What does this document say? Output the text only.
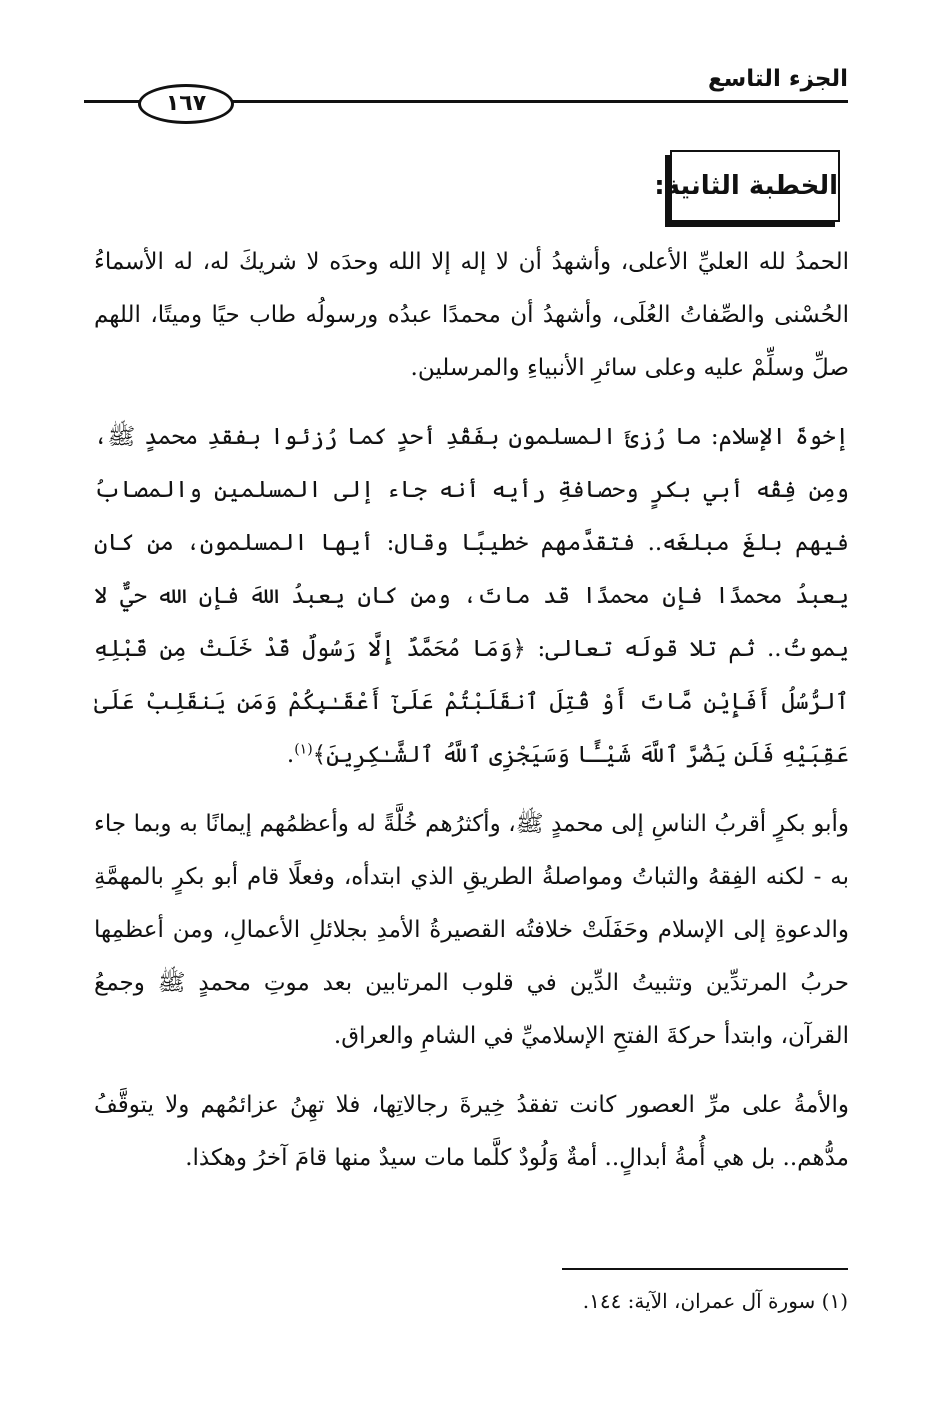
الجزء التاسع
١٦٧
الخطبة الثانية:

الحمدُ لله العليِّ الأعلى، وأشهدُ أن لا إله إلا الله وحدَه لا شريكَ له، له الأسماءُ الحُسْنى والصِّفاتُ العُلَى، وأشهدُ أن محمدًا عبدُه ورسولُه طاب حيًا وميتًا، اللهم صلِّ وسلِّمْ عليه وعلى سائرِ الأنبياءِ والمرسلين.

إخوةَ الإسلام: ما رُزئَ المسلمون بفَقْدِ أحدٍ كما رُزئوا بفقدِ محمدٍ ﷺ، ومِن فِقْه أبي بكرٍ وحصافةِ رأيه أنه جاء إلى المسلمين والمصابُ فيهم بلغَ مبلغَه.. فتقدَّمهم خطيبًا وقال: أيها المسلمون، من كان يعبدُ محمدًا فإن محمدًا قد ماتَ، ومن كان يعبدُ اللهَ فإن الله حيٌّ لا يموتُ.. ثم تلا قولَه تعالى: ﴿وَمَا مُحَمَّدٌ إِلَّا رَسُولٌ قَدْ خَلَتْ مِن قَبْلِهِ ٱلرُّسُلُ أَفَإِيْن مَّاتَ أَوْ قُتِلَ ٱنقَلَبْتُمْ عَلَىٰٓ أَعْقَـٰبِكُمْ وَمَن يَنقَلِبْ عَلَىٰ عَقِبَيْهِ فَلَن يَضُرَّ ٱللَّهَ شَيْـًٔا وَسَيَجْزِى ٱللَّهُ ٱلشَّـٰكِرِينَ﴾$^{(١)}$.

وأبو بكرٍ أقربُ الناسِ إلى محمدٍ ﷺ، وأكثرُهم خُلَّةً له وأعظمُهم إيمانًا به وبما جاء به - لكنه الفِقهُ والثباتُ ومواصلةُ الطريقِ الذي ابتدأه، وفعلًا قام أبو بكرٍ بالمهمَّةِ والدعوةِ إلى الإسلام وحَفَلَتْ خلافتُه القصيرةُ الأمدِ بجلائلِ الأعمالِ، ومن أعظمِها حربُ المرتدِّين وتثبيتُ الدِّين في قلوب المرتابين بعد موتِ محمدٍ ﷺ وجمعُ القرآن، وابتدأ حركةَ الفتحِ الإسلاميِّ في الشامِ والعراق.

والأمةُ على مرِّ العصور كانت تفقدُ خِيرةَ رجالاتِها، فلا تهِنُ عزائمُهم ولا يتوقَّفُ مدُّهم.. بل هي أُمةُ أبدالٍ.. أمةٌ وَلُودٌ كلَّما مات سيدٌ منها قامَ آخرُ وهكذا.

(١) سورة آل عمران، الآية: ١٤٤.
